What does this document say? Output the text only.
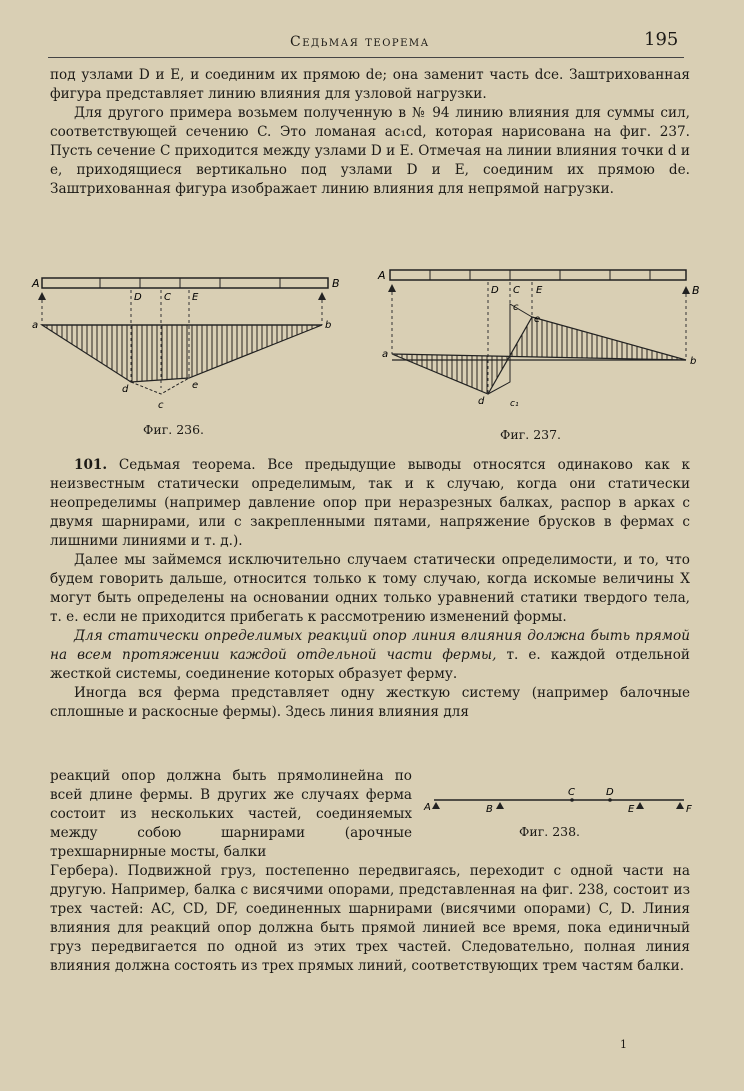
Седьмая теорема	195

под узлами D и E, и соединим их прямою de; она заменит часть dce. Заштрихованная фигура представляет линию влияния для узловой нагрузки.

Для другого примера возьмем полученную в № 94 линию влияния для суммы сил, соответствующей сечению C. Это ломаная ac₁cd, которая нарисована на фиг. 237. Пусть сечение C приходится между узлами D и E. Отмечая на линии влияния точки d и e, приходящиеся вертикально под узлами D и E, соединим их прямою de. Заштрихованная фигура изображает линию влияния для непрямой нагрузки.

A	B
D C E
a	b
d
c
e
Фиг. 236.
A
B
D C E
a
b
c
e
d	c₁
Фиг. 237.

101. Седьмая теорема. Все предыдущие выводы относятся одинаково как к неизвестным статически определимым, так и к случаю, когда они статически неопределимы (например давление опор при неразрезных балках, распор в арках с двумя шарнирами, или с закрепленными пятами, напряжение брусков в фермах с лишними линиями и т. д.).

Далее мы займемся исключительно случаем статически определимости, и то, что будем говорить дальше, относится только к тому случаю, когда искомые величины X могут быть определены на основании одних только уравнений статики твердого тела, т. е. если не приходится прибегать к рассмотрению изменений формы.

Для статически определимых реакций опор линия влияния должна быть прямой на всем протяжении каждой отдельной части фермы, т. е. каждой отдельной жесткой системы, соединение которых образует ферму.

Иногда вся ферма представляет одну жесткую систему (например балочные сплошные и раскосные фермы). Здесь линия влияния для

реакций опор должна быть прямолинейна по всей длине фермы. В других же случаях ферма состоит из нескольких частей, соединяемых между собою шарнирами (арочные трехшарнирные мосты, балки

A	B
C	D
E	F
Фиг. 238.

Гербера). Подвижной груз, постепенно передвигаясь, переходит с одной части на другую. Например, балка с висячими опорами, представленная на фиг. 238, состоит из трех частей: AC, CD, DF, соединенных шарнирами (висячими опорами) C, D. Линия влияния для реакций опор должна быть прямой линией все время, пока единичный груз передвигается по одной из этих трех частей. Следовательно, полная линия влияния должна состоять из трех прямых линий, соответствующих трем частям балки.

1
